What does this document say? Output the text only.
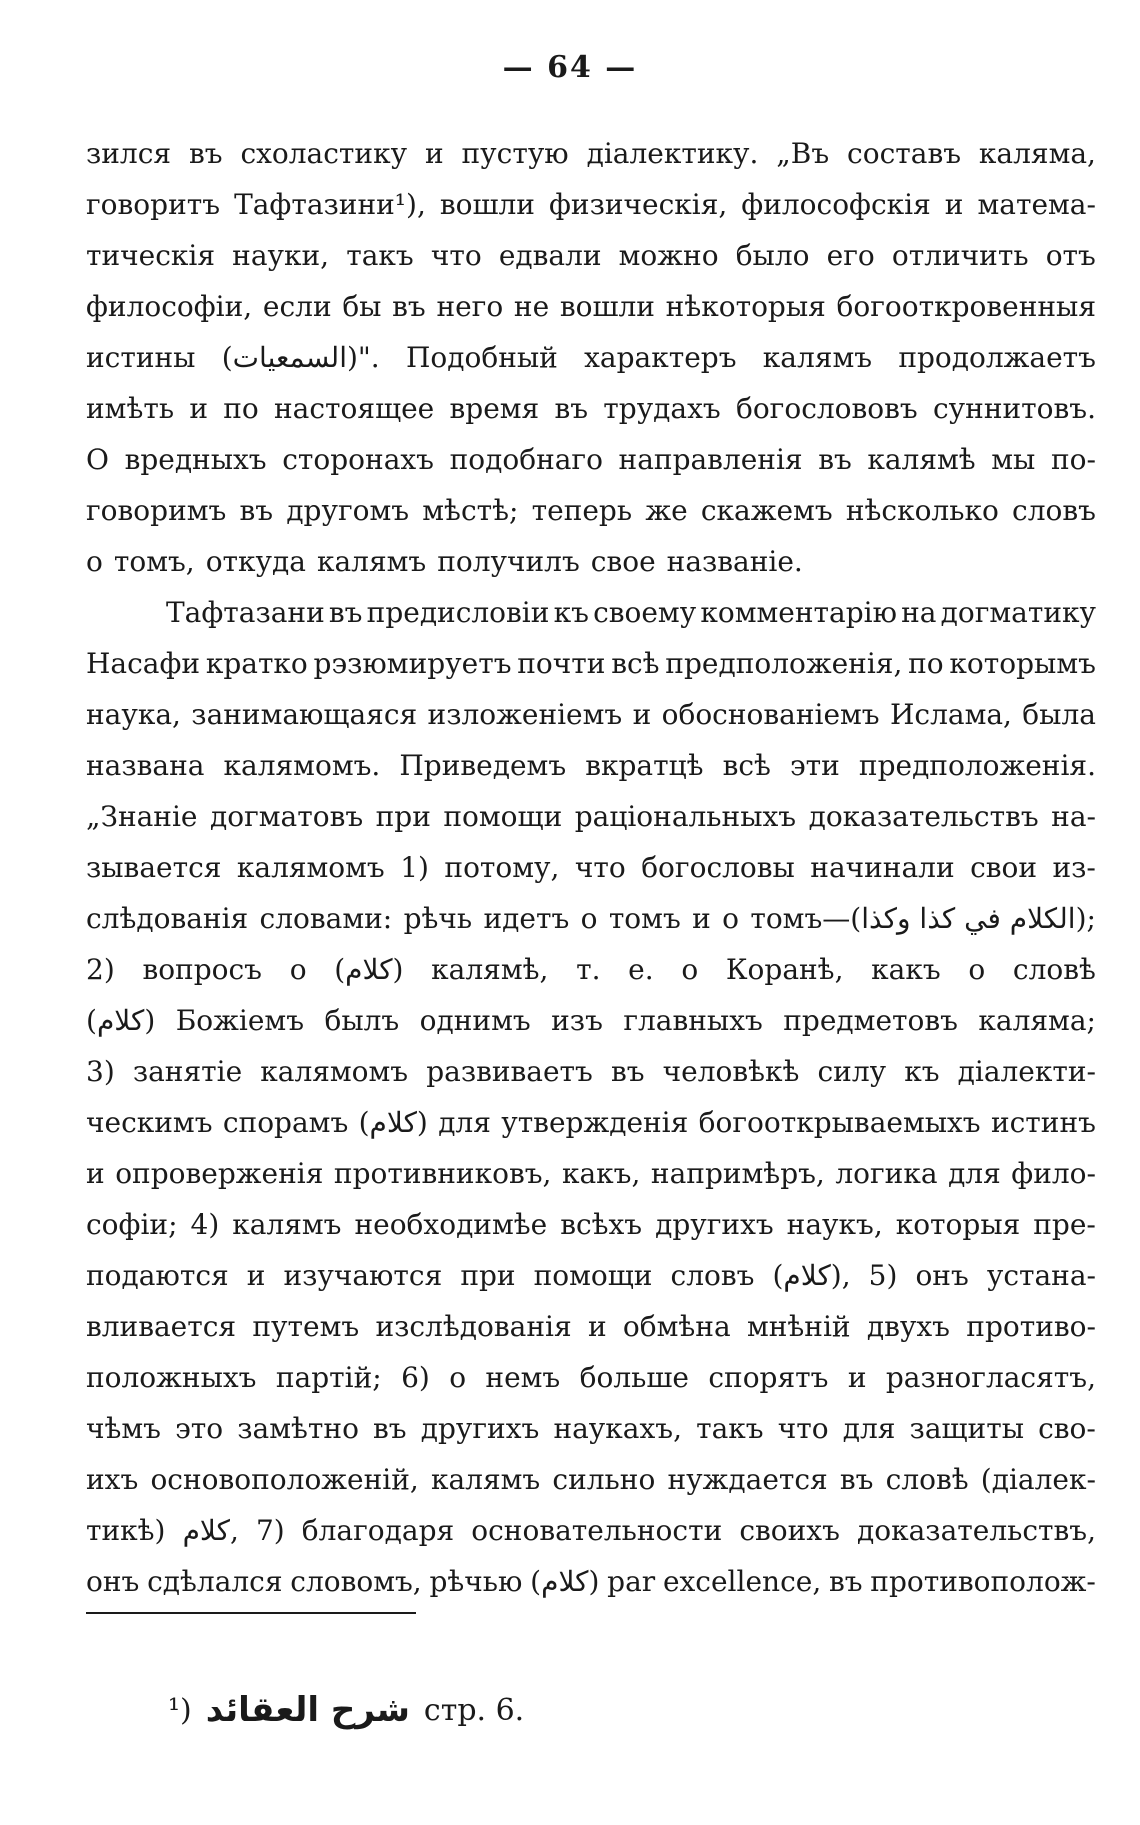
— 64 —
зился въ схоластику и пустую діалектику. „Въ составъ каляма,
говоритъ Тафтазини¹), вошли физическія, философскія и матема-
тическія науки, такъ что едвали можно было его отличить отъ
философіи, если бы въ него не вошли нѣкоторыя богооткровенныя
истины (السمعيات)". Подобный характеръ калямъ продолжаетъ
имѣть и по настоящее время въ трудахъ богослововъ суннитовъ.
О вредныхъ сторонахъ подобнаго направленія въ калямѣ мы по-
говоримъ въ другомъ мѣстѣ; теперь же скажемъ нѣсколько словъ
о томъ, откуда калямъ получилъ свое названіе.
Тафтазани въ предисловіи къ своему комментарію на догматику
Насафи кратко рэзюмируетъ почти всѣ предположенія, по которымъ
наука, занимающаяся изложеніемъ и обоснованіемъ Ислама, была
названа калямомъ. Приведемъ вкратцѣ всѣ эти предположенія.
„Знаніе догматовъ при помощи раціональныхъ доказательствъ на-
зывается калямомъ 1) потому, что богословы начинали свои из-
слѣдованія словами: рѣчь идетъ о томъ и о томъ—(الكلام في كذا وكذا);
2) вопросъ о (كلام) калямѣ, т. е. о Коранѣ, какъ о словѣ
(كلام) Божіемъ былъ однимъ изъ главныхъ предметовъ каляма;
3) занятіе калямомъ развиваетъ въ человѣкѣ силу къ діалекти-
ческимъ спорамъ (كلام) для утвержденія богооткрываемыхъ истинъ
и опроверженія противниковъ, какъ, напримѣръ, логика для фило-
софіи; 4) калямъ необходимѣе всѣхъ другихъ наукъ, которыя пре-
подаются и изучаются при помощи словъ (كلام), 5) онъ устана-
вливается путемъ изслѣдованія и обмѣна мнѣній двухъ противо-
положныхъ партій; 6) о немъ больше спорятъ и разногласятъ,
чѣмъ это замѣтно въ другихъ наукахъ, такъ что для защиты сво-
ихъ основоположеній, калямъ сильно нуждается въ словѣ (діалек-
тикѣ) كلام, 7) благодаря основательности своихъ доказательствъ,
онъ сдѣлался словомъ, рѣчью (كلام) par excellence, въ противополож-
¹) شرح العقائد стр. 6.
